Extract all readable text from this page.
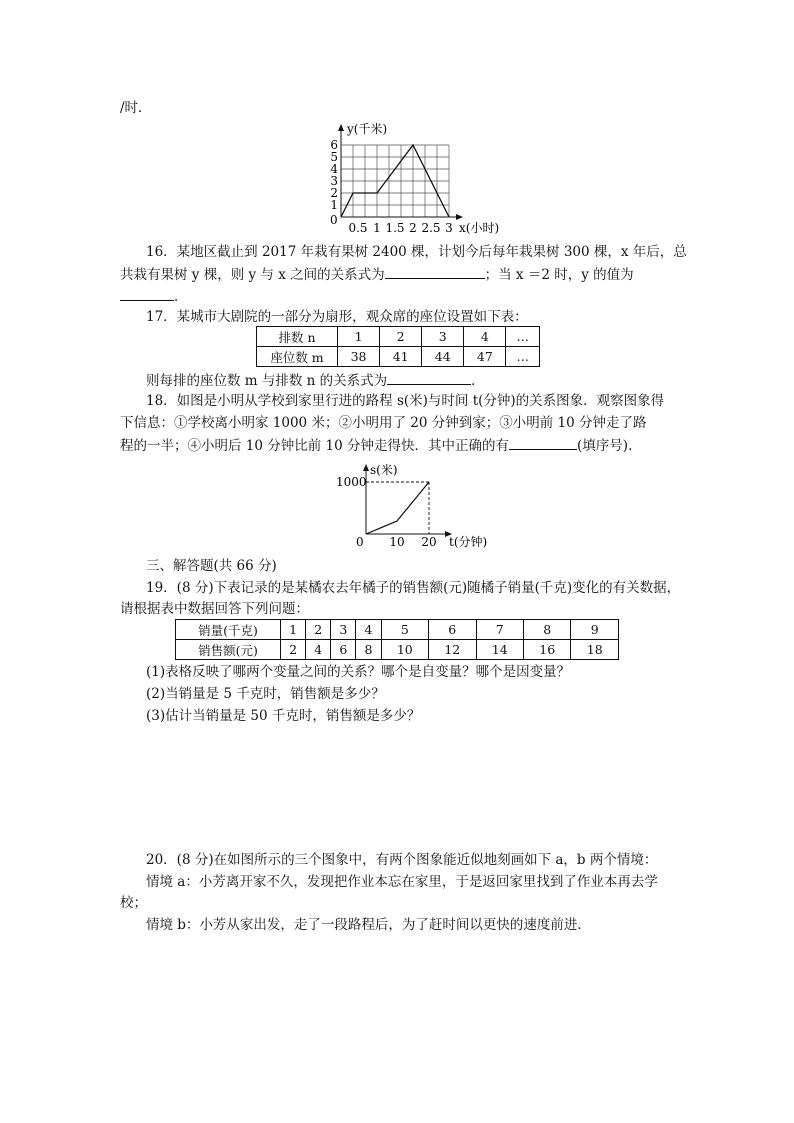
/时．
y(千米)
0
1
2
3
4
5
6
0.5 1 1.5 2 2.5 3 x(小时)
16．某地区截止到 2017 年栽有果树 2400 棵，计划今后每年栽果树 300 棵，x 年后，总
共栽有果树 y 棵，则 y 与 x 之间的关系式为	；当 x ＝2 时，y 的值为
．
17．某城市大剧院的一部分为扇形，观众席的座位设置如下表：
排数 n	1	2	3	4	…
座位数 m	38	41	44	47	…
则每排的座位数 m 与排数 n 的关系式为	．
18．如图是小明从学校到家里行进的路程 s(米)与时间 t(分钟)的关系图象．观察图象得
下信息：①学校离小明家 1000 米；②小明用了 20 分钟到家；③小明前 10 分钟走了路
程的一半；④小明后 10 分钟比前 10 分钟走得快．其中正确的有	(填序号).
s(米)
1000
0 10 20 t(分钟)
三、解答题(共 66 分)
19．(8 分)下表记录的是某橘农去年橘子的销售额(元)随橘子销量(千克)变化的有关数据，
请根据表中数据回答下列问题：
销量(千克)	1	2	3	4	5	6	7	8	9
销售额(元)	2	4	6	8	10	12	14	16	18
(1)表格反映了哪两个变量之间的关系？哪个是自变量？哪个是因变量？
(2)当销量是 5 千克时，销售额是多少？
(3)估计当销量是 50 千克时，销售额是多少？
20．(8 分)在如图所示的三个图象中，有两个图象能近似地刻画如下 a，b 两个情境：
情境 a：小芳离开家不久，发现把作业本忘在家里，于是返回家里找到了作业本再去学
校；
情境 b：小芳从家出发，走了一段路程后，为了赶时间以更快的速度前进．
